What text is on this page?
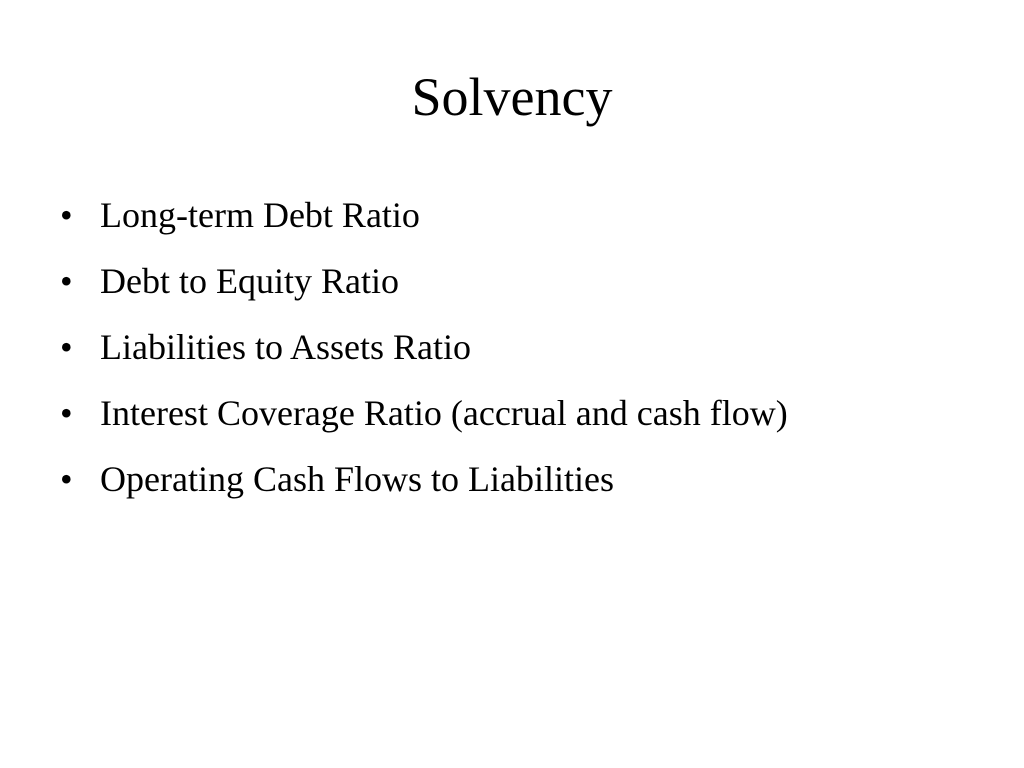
Solvency
• Long-term Debt Ratio
• Debt to Equity Ratio
• Liabilities to Assets Ratio
• Interest Coverage Ratio (accrual and cash flow)
• Operating Cash Flows to Liabilities
